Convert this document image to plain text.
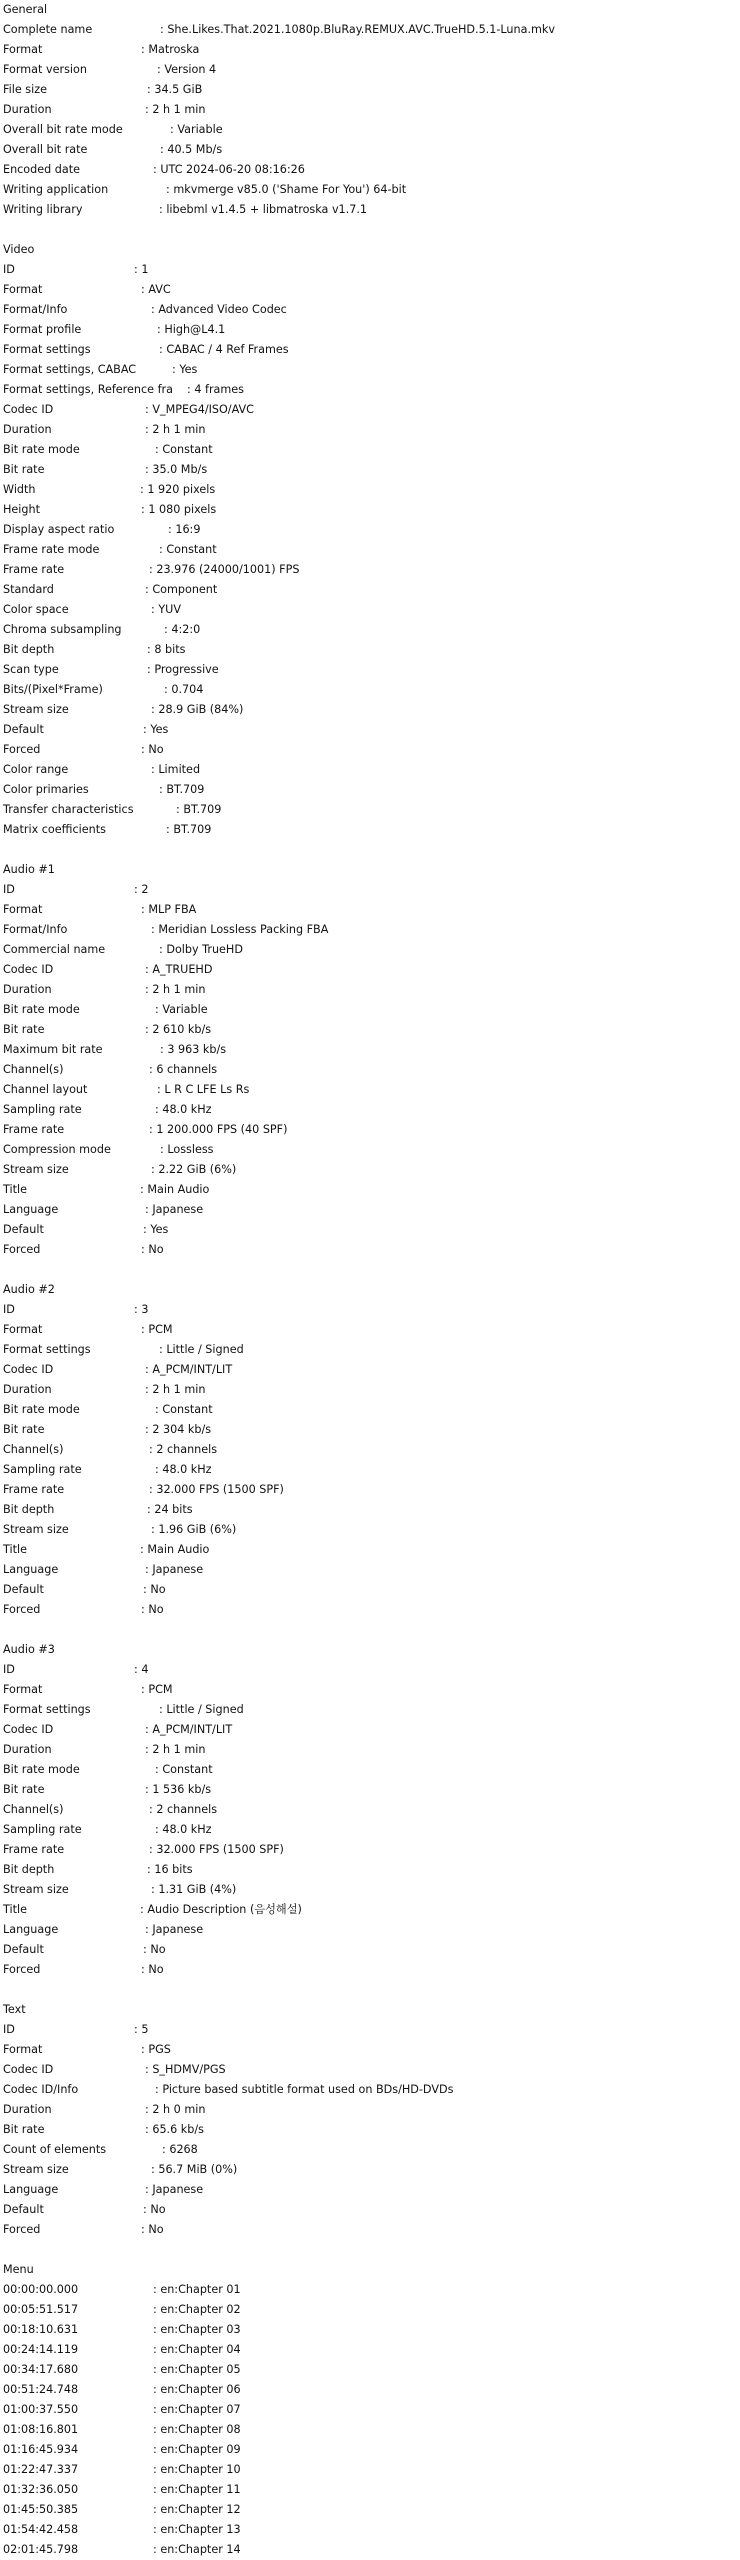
General
Complete name	: She.Likes.That.2021.1080p.BluRay.REMUX.AVC.TrueHD.5.1-Luna.mkv
Format	: Matroska
Format version	: Version 4
File size	: 34.5 GiB
Duration	: 2 h 1 min
Overall bit rate mode	: Variable
Overall bit rate	: 40.5 Mb/s
Encoded date	: UTC 2024-06-20 08:16:26
Writing application	: mkvmerge v85.0 ('Shame For You') 64-bit
Writing library	: libebml v1.4.5 + libmatroska v1.7.1
Video
ID	: 1
Format	: AVC
Format/Info	: Advanced Video Codec
Format profile	: High@L4.1
Format settings	: CABAC / 4 Ref Frames
Format settings, CABAC	: Yes
Format settings, Reference fra : 4 frames
Codec ID	: V_MPEG4/ISO/AVC
Duration	: 2 h 1 min
Bit rate mode	: Constant
Bit rate	: 35.0 Mb/s
Width	: 1 920 pixels
Height	: 1 080 pixels
Display aspect ratio	: 16:9
Frame rate mode	: Constant
Frame rate	: 23.976 (24000/1001) FPS
Standard	: Component
Color space	: YUV
Chroma subsampling	: 4:2:0
Bit depth	: 8 bits
Scan type	: Progressive
Bits/(Pixel*Frame)	: 0.704
Stream size	: 28.9 GiB (84%)
Default	: Yes
Forced	: No
Color range	: Limited
Color primaries	: BT.709
Transfer characteristics	: BT.709
Matrix coefficients	: BT.709
Audio #1
ID	: 2
Format	: MLP FBA
Format/Info	: Meridian Lossless Packing FBA
Commercial name	: Dolby TrueHD
Codec ID	: A_TRUEHD
Duration	: 2 h 1 min
Bit rate mode	: Variable
Bit rate	: 2 610 kb/s
Maximum bit rate	: 3 963 kb/s
Channel(s)	: 6 channels
Channel layout	: L R C LFE Ls Rs
Sampling rate	: 48.0 kHz
Frame rate	: 1 200.000 FPS (40 SPF)
Compression mode	: Lossless
Stream size	: 2.22 GiB (6%)
Title	: Main Audio
Language	: Japanese
Default	: Yes
Forced	: No
Audio #2
ID	: 3
Format	: PCM
Format settings	: Little / Signed
Codec ID	: A_PCM/INT/LIT
Duration	: 2 h 1 min
Bit rate mode	: Constant
Bit rate	: 2 304 kb/s
Channel(s)	: 2 channels
Sampling rate	: 48.0 kHz
Frame rate	: 32.000 FPS (1500 SPF)
Bit depth	: 24 bits
Stream size	: 1.96 GiB (6%)
Title	: Main Audio
Language	: Japanese
Default	: No
Forced	: No
Audio #3
ID	: 4
Format	: PCM
Format settings	: Little / Signed
Codec ID	: A_PCM/INT/LIT
Duration	: 2 h 1 min
Bit rate mode	: Constant
Bit rate	: 1 536 kb/s
Channel(s)	: 2 channels
Sampling rate	: 48.0 kHz
Frame rate	: 32.000 FPS (1500 SPF)
Bit depth	: 16 bits
Stream size	: 1.31 GiB (4%)
Title	: Audio Description (음성해설)
Language	: Japanese
Default	: No
Forced	: No
Text
ID	: 5
Format	: PGS
Codec ID	: S_HDMV/PGS
Codec ID/Info	: Picture based subtitle format used on BDs/HD-DVDs
Duration	: 2 h 0 min
Bit rate	: 65.6 kb/s
Count of elements	: 6268
Stream size	: 56.7 MiB (0%)
Language	: Japanese
Default	: No
Forced	: No
Menu
00:00:00.000	: en:Chapter 01
00:05:51.517	: en:Chapter 02
00:18:10.631	: en:Chapter 03
00:24:14.119	: en:Chapter 04
00:34:17.680	: en:Chapter 05
00:51:24.748	: en:Chapter 06
01:00:37.550	: en:Chapter 07
01:08:16.801	: en:Chapter 08
01:16:45.934	: en:Chapter 09
01:22:47.337	: en:Chapter 10
01:32:36.050	: en:Chapter 11
01:45:50.385	: en:Chapter 12
01:54:42.458	: en:Chapter 13
02:01:45.798	: en:Chapter 14
